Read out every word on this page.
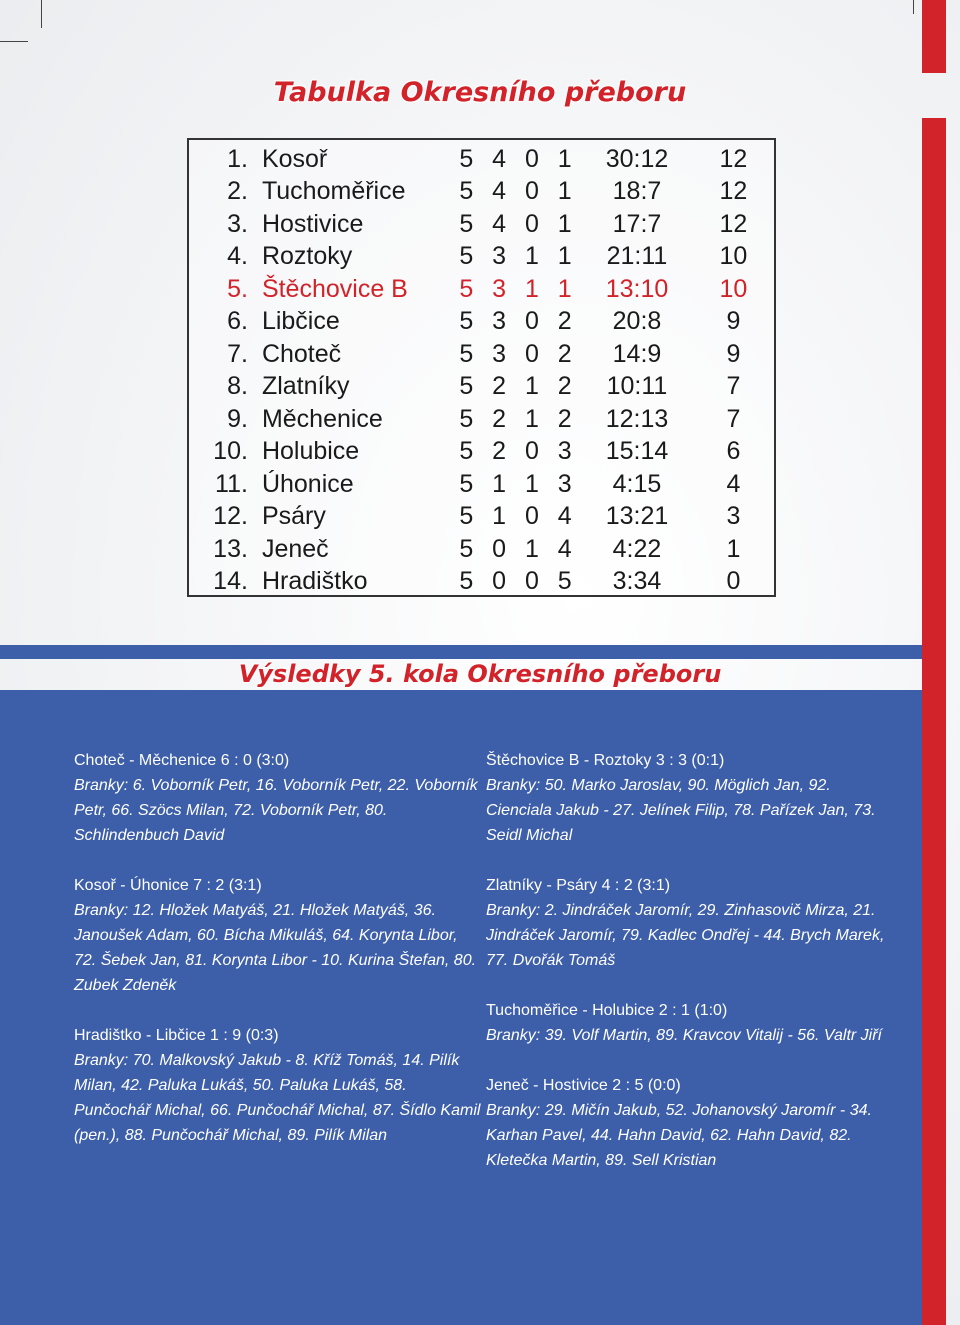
Tabulka Okresního přeboru
1.	Kosoř	5	4	0	1	30:12	12
2.	Tuchoměřice	5	4	0	1	18:7	12
3.	Hostivice	5	4	0	1	17:7	12
4.	Roztoky	5	3	1	1	21:11	10
5.	Štěchovice B	5	3	1	1	13:10	10
6.	Libčice	5	3	0	2	20:8	9
7.	Choteč	5	3	0	2	14:9	9
8.	Zlatníky	5	2	1	2	10:11	7
9.	Měchenice	5	2	1	2	12:13	7
10.	Holubice	5	2	0	3	15:14	6
11.	Úhonice	5	1	1	3	4:15	4
12.	Psáry	5	1	0	4	13:21	3
13.	Jeneč	5	0	1	4	4:22	1
14.	Hradištko	5	0	0	5	3:34	0
Výsledky 5. kola Okresního přeboru

Choteč - Měchenice 6 : 0 (3:0)

Branky: 6. Voborník Petr, 16. Voborník Petr, 22. Voborník Petr, 66. Szöcs Milan, 72. Voborník Petr, 80. Schlindenbuch David

Kosoř - Úhonice 7 : 2 (3:1)

Branky: 12. Hložek Matyáš, 21. Hložek Matyáš, 36. Janoušek Adam, 60. Bícha Mikuláš, 64. Korynta Libor, 72. Šebek Jan, 81. Korynta Libor - 10. Kurina Štefan, 80. Zubek Zdeněk

Hradištko - Libčice 1 : 9 (0:3)

Branky: 70. Malkovský Jakub - 8. Kříž Tomáš, 14. Pilík Milan, 42. Paluka Lukáš, 50. Paluka Lukáš, 58. Punčochář Michal, 66. Punčochář Michal, 87. Šídlo Kamil (pen.), 88. Punčochář Michal, 89. Pilík Milan

Štěchovice B - Roztoky 3 : 3 (0:1)

Branky: 50. Marko Jaroslav, 90. Möglich Jan, 92. Cienciala Jakub - 27. Jelínek Filip, 78. Pařízek Jan, 73. Seidl Michal

Zlatníky - Psáry 4 : 2 (3:1)

Branky: 2. Jindráček Jaromír, 29. Zinhasovič Mirza, 21. Jindráček Jaromír, 79. Kadlec Ondřej - 44. Brych Marek, 77. Dvořák Tomáš

Tuchoměřice - Holubice 2 : 1 (1:0)

Branky: 39. Volf Martin, 89. Kravcov Vitalij - 56. Valtr Jiří

Jeneč - Hostivice 2 : 5 (0:0)

Branky: 29. Mičín Jakub, 52. Johanovský Jaromír - 34. Karhan Pavel, 44. Hahn David, 62. Hahn David, 82. Kletečka Martin, 89. Sell Kristian
